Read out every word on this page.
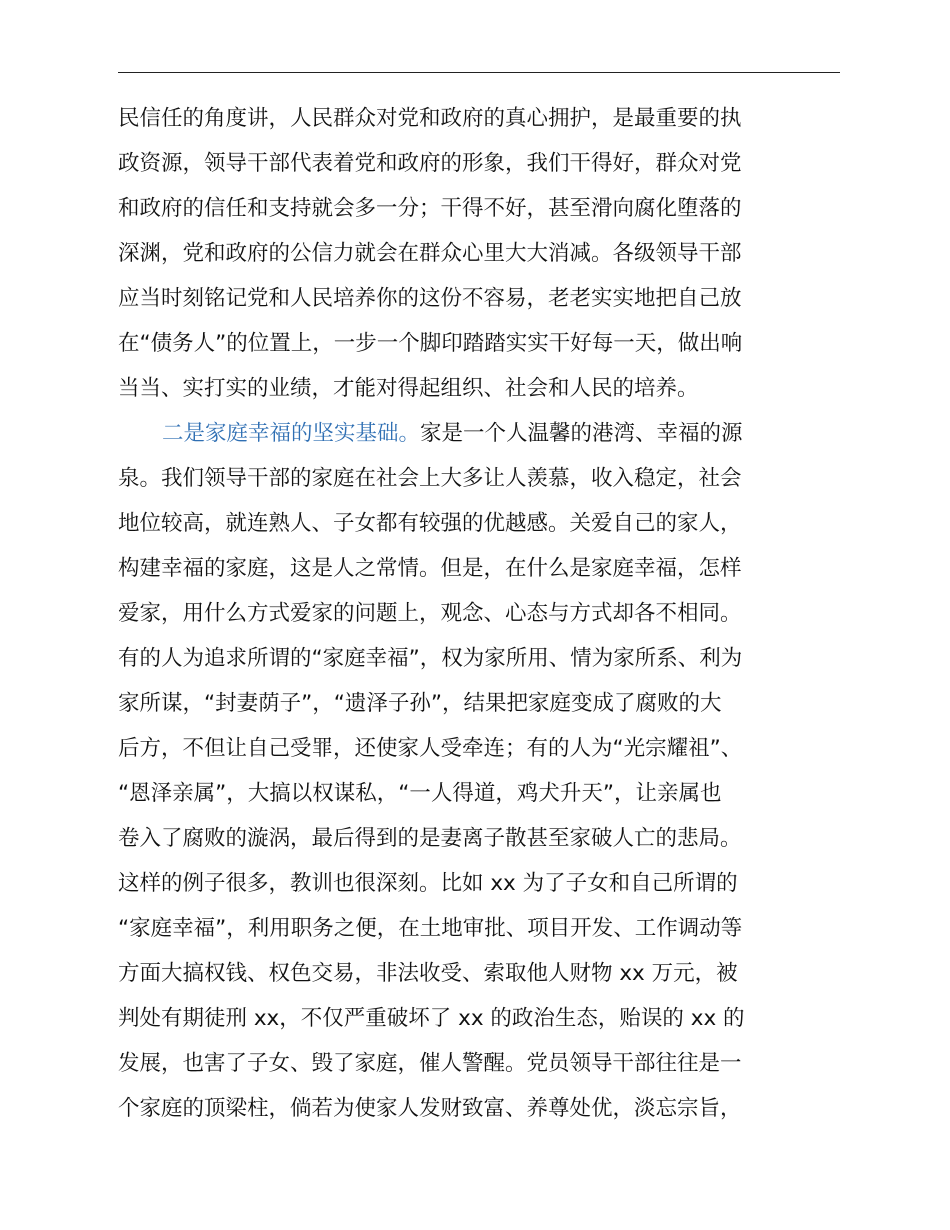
民信任的角度讲，人民群众对党和政府的真心拥护，是最重要的执
政资源，领导干部代表着党和政府的形象，我们干得好，群众对党
和政府的信任和支持就会多一分；干得不好，甚至滑向腐化堕落的
深渊，党和政府的公信力就会在群众心里大大消减。各级领导干部
应当时刻铭记党和人民培养你的这份不容易，老老实实地把自己放
在“债务人”的位置上，一步一个脚印踏踏实实干好每一天，做出响
当当、实打实的业绩，才能对得起组织、社会和人民的培养。
二是家庭幸福的坚实基础。家是一个人温馨的港湾、幸福的源
泉。我们领导干部的家庭在社会上大多让人羡慕，收入稳定，社会
地位较高，就连熟人、子女都有较强的优越感。关爱自己的家人，
构建幸福的家庭，这是人之常情。但是，在什么是家庭幸福，怎样
爱家，用什么方式爱家的问题上，观念、心态与方式却各不相同。
有的人为追求所谓的“家庭幸福”，权为家所用、情为家所系、利为
家所谋，“封妻荫子”，“遗泽子孙”，结果把家庭变成了腐败的大
后方，不但让自己受罪，还使家人受牵连；有的人为“光宗耀祖”、
“恩泽亲属”，大搞以权谋私，“一人得道，鸡犬升天”，让亲属也
卷入了腐败的漩涡，最后得到的是妻离子散甚至家破人亡的悲局。
这样的例子很多，教训也很深刻。比如 xx 为了子女和自己所谓的
“家庭幸福”，利用职务之便，在土地审批、项目开发、工作调动等
方面大搞权钱、权色交易，非法收受、索取他人财物 xx 万元，被
判处有期徒刑 xx，不仅严重破坏了 xx 的政治生态，贻误的 xx 的
发展，也害了子女、毁了家庭，催人警醒。党员领导干部往往是一
个家庭的顶梁柱，倘若为使家人发财致富、养尊处优，淡忘宗旨，
